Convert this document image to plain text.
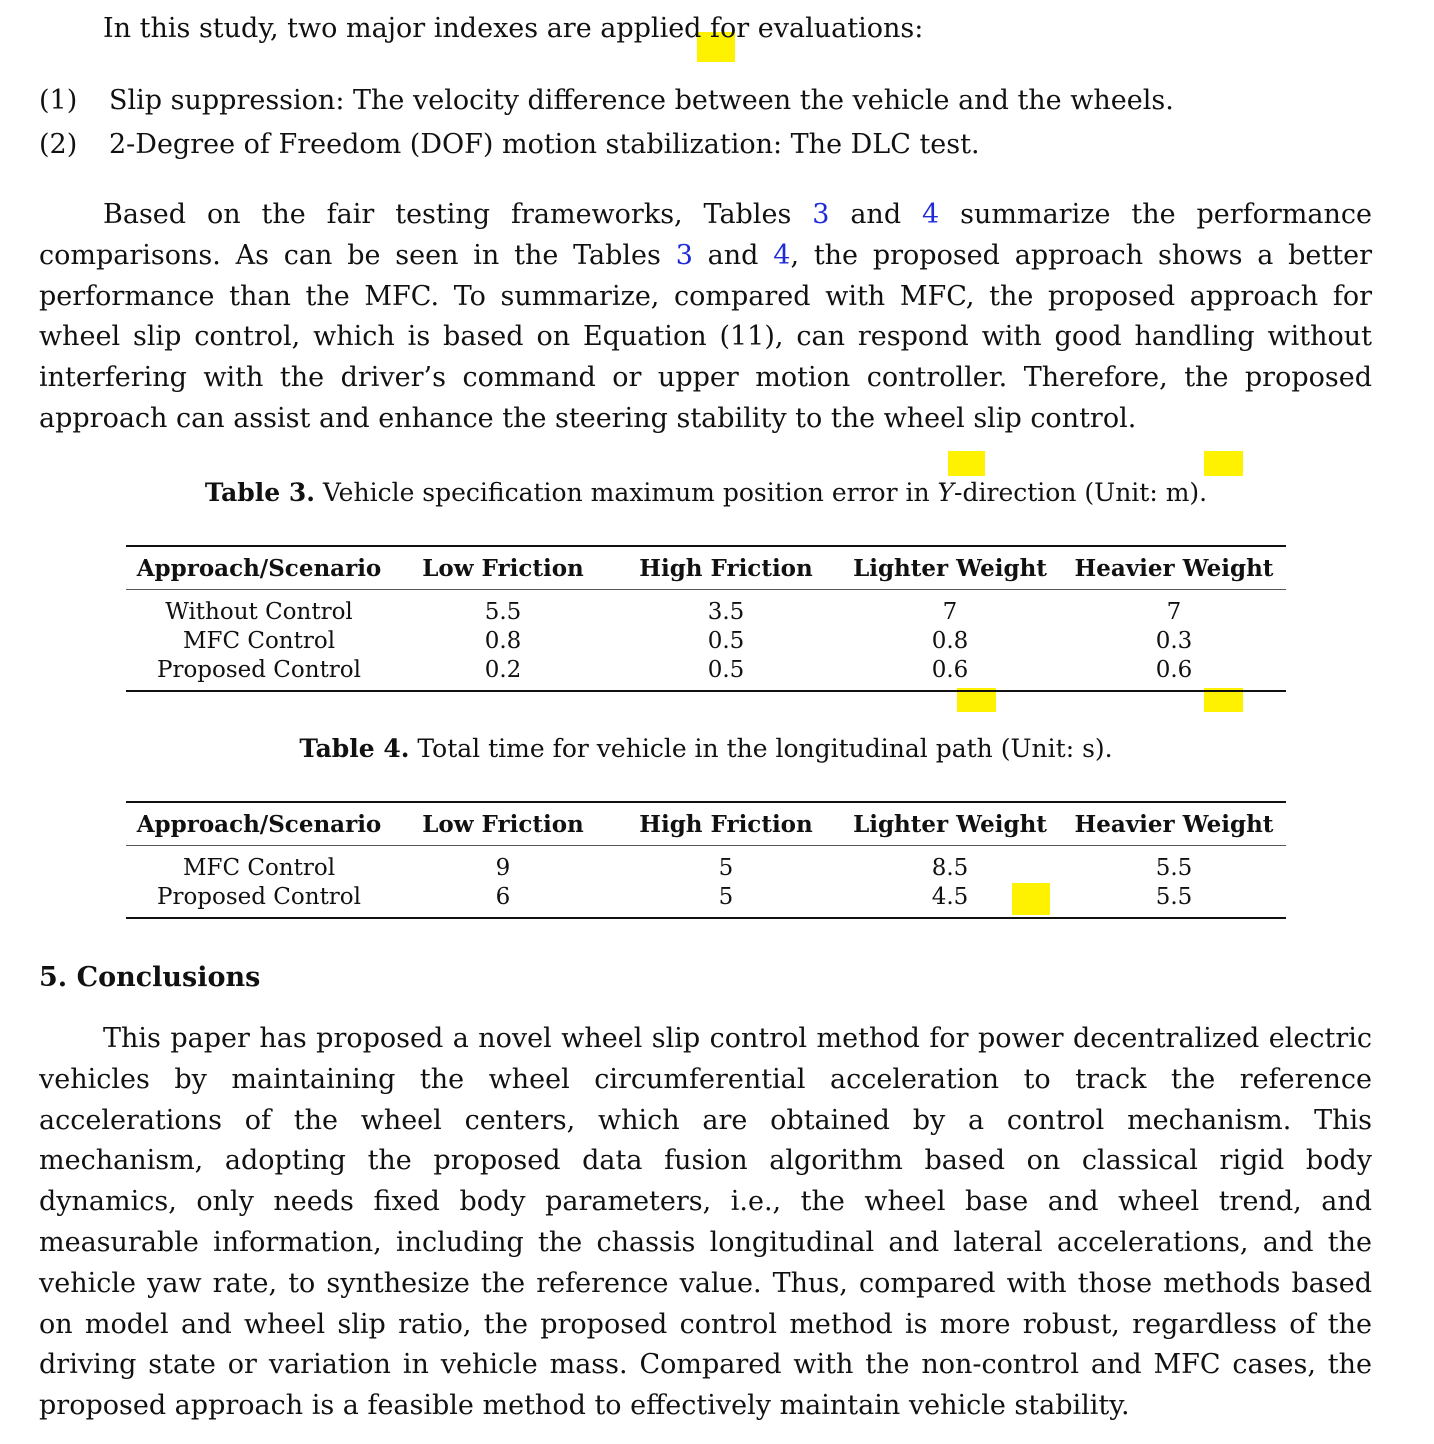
In this study, two major indexes are applied for evaluations:

(1) Slip suppression: The velocity difference between the vehicle and the wheels.
(2) 2-Degree of Freedom (DOF) motion stabilization: The DLC test.

Based on the fair testing frameworks, Tables 3 and 4 summarize the performance comparisons. As can be seen in the Tables 3 and 4, the proposed approach shows a better performance than the MFC. To summarize, compared with MFC, the proposed approach for wheel slip control, which is based on Equation (11), can respond with good handling without interfering with the driver’s command or upper motion controller. Therefore, the proposed approach can assist and enhance the steering stability to the wheel slip control.

Table 3. Vehicle specification maximum position error in Y-direction (Unit: m).
Approach/Scenario	Low Friction	High Friction	Lighter Weight	Heavier Weight
Without Control	5.5	3.5	7	7
MFC Control	0.8	0.5	0.8	0.3
Proposed Control	0.2	0.5	0.6	0.6
Table 4. Total time for vehicle in the longitudinal path (Unit: s).
Approach/Scenario	Low Friction	High Friction	Lighter Weight	Heavier Weight
MFC Control	9	5	8.5	5.5
Proposed Control	6	5	4.5	5.5
5. Conclusions

This paper has proposed a novel wheel slip control method for power decentralized electric vehicles by maintaining the wheel circumferential acceleration to track the reference accelerations of the wheel centers, which are obtained by a control mechanism. This mechanism, adopting the proposed data fusion algorithm based on classical rigid body dynamics, only needs fixed body parameters, i.e., the wheel base and wheel trend, and measurable information, including the chassis longitudinal and lateral accelerations, and the vehicle yaw rate, to synthesize the reference value. Thus, compared with those methods based on model and wheel slip ratio, the proposed control method is more robust, regardless of the driving state or variation in vehicle mass. Compared with the non-control and MFC cases, the proposed approach is a feasible method to effectively maintain vehicle stability.
